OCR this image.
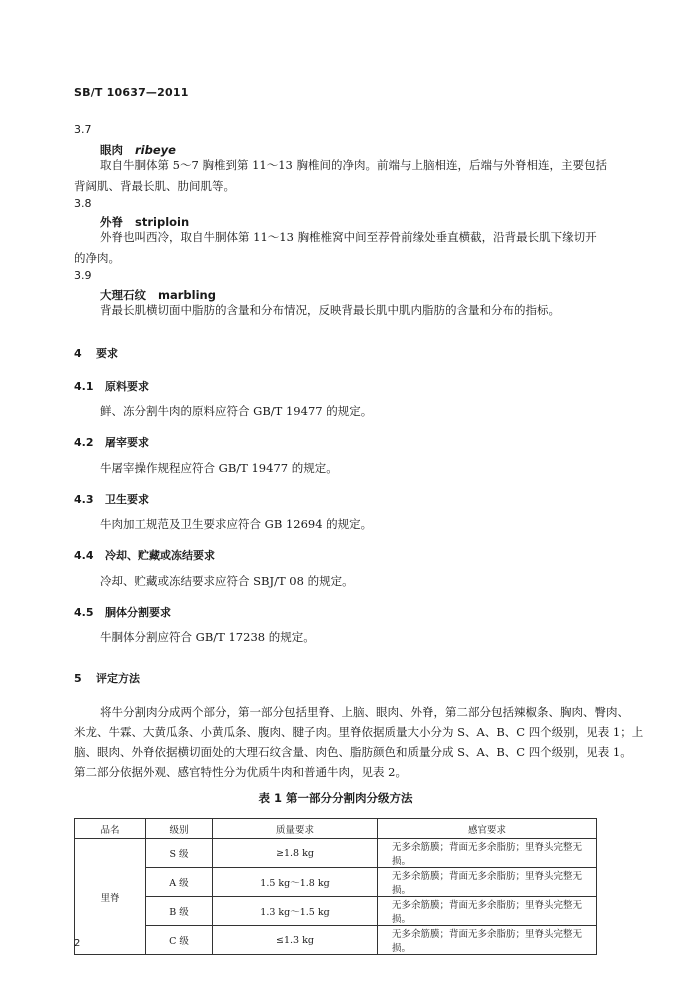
SB/T 10637—2011
3.7
眼肉 ribeye
取自牛胴体第 5～7 胸椎到第 11～13 胸椎间的净肉。前端与上脑相连，后端与外脊相连，主要包括
背阔肌、背最长肌、肋间肌等。
3.8
外脊 striploin
外脊也叫西冷，取自牛胴体第 11～13 胸椎椎窝中间至荐骨前缘处垂直横截，沿背最长肌下缘切开
的净肉。
3.9
大理石纹 marbling
背最长肌横切面中脂肪的含量和分布情况，反映背最长肌中肌内脂肪的含量和分布的指标。
4 要求
4.1 原料要求
鲜、冻分割牛肉的原料应符合 GB/T 19477 的规定。
4.2 屠宰要求
牛屠宰操作规程应符合 GB/T 19477 的规定。
4.3 卫生要求
牛肉加工规范及卫生要求应符合 GB 12694 的规定。
4.4 冷却、贮藏或冻结要求
冷却、贮藏或冻结要求应符合 SBJ/T 08 的规定。
4.5 胴体分割要求
牛胴体分割应符合 GB/T 17238 的规定。
5 评定方法
将牛分割肉分成两个部分，第一部分包括里脊、上脑、眼肉、外脊，第二部分包括辣椒条、胸肉、臀肉、
米龙、牛霖、大黄瓜条、小黄瓜条、腹肉、腱子肉。里脊依据质量大小分为 S、A、B、C 四个级别，见表 1；上
脑、眼肉、外脊依据横切面处的大理石纹含量、肉色、脂肪颜色和质量分成 S、A、B、C 四个级别，见表 1。
第二部分依据外观、感官特性分为优质牛肉和普通牛肉，见表 2。
表 1 第一部分分割肉分级方法
品名	级别	质量要求	感官要求
里脊	S 级	≥1.8 kg	无多余筋膜；背面无多余脂肪；里脊头完整无损。
	A 级	1.5 kg～1.8 kg	无多余筋膜；背面无多余脂肪；里脊头完整无损。
	B 级	1.3 kg～1.5 kg	无多余筋膜；背面无多余脂肪；里脊头完整无损。
	C 级	≤1.3 kg	无多余筋膜；背面无多余脂肪；里脊头完整无损。
2
